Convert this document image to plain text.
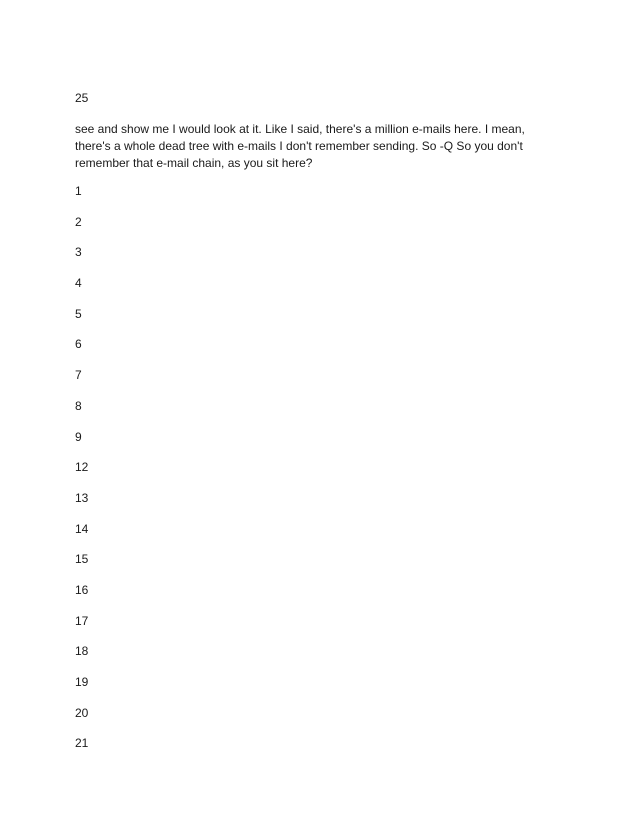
25
see and show me I would look at it. Like I said, there's a million e-mails here. I mean, there's a whole dead tree with e-mails I don't remember sending. So -Q So you don't remember that e-mail chain, as you sit here?
1
2
3
4
5
6
7
8
9
12
13
14
15
16
17
18
19
20
21
